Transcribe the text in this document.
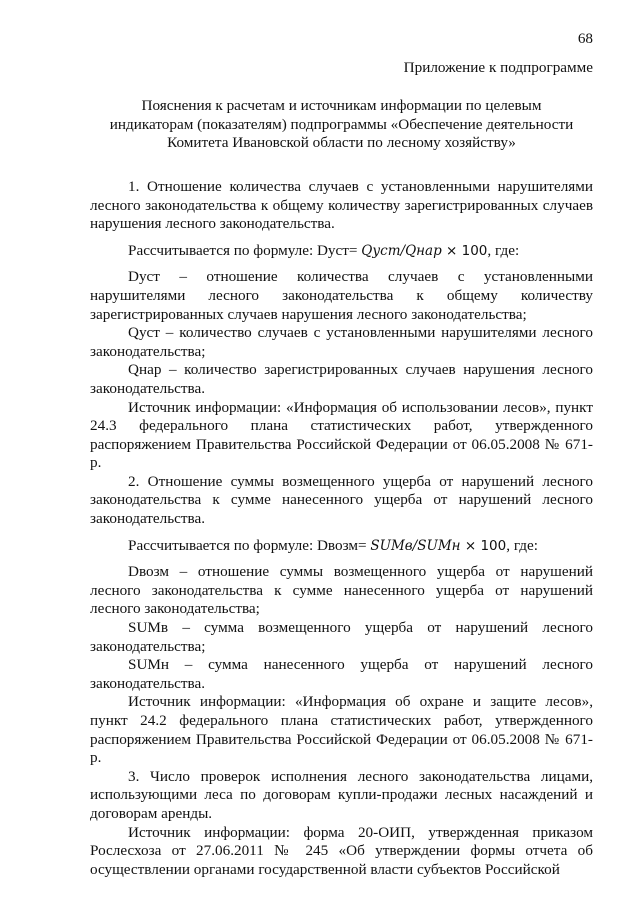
68
Приложение к подпрограмме
Пояснения к расчетам и источникам информации по целевым
индикаторам (показателям) подпрограммы «Обеспечение деятельности
Комитета Ивановской области по лесному хозяйству»

1. Отношение количества случаев с установленными нарушителями лесного законодательства к общему количеству зарегистрированных случаев нарушения лесного законодательства.

Рассчитывается по формуле: Dуст= Qуст/Qнар × 100, где:

Dуст – отношение количества случаев с установленными нарушителями лесного законодательства к общему количеству зарегистрированных случаев нарушения лесного законодательства;

Qуст – количество случаев с установленными нарушителями лесного законодательства;

Qнар – количество зарегистрированных случаев нарушения лесного законодательства.

Источник информации: «Информация об использовании лесов», пункт 24.3 федерального плана статистических работ, утвержденного распоряжением Правительства Российской Федерации от 06.05.2008 № 671-р.

2. Отношение суммы возмещенного ущерба от нарушений лесного законодательства к сумме нанесенного ущерба от нарушений лесного законодательства.

Рассчитывается по формуле: Dвозм= SUMв/SUMн × 100, где:

Dвозм – отношение суммы возмещенного ущерба от нарушений лесного законодательства к сумме нанесенного ущерба от нарушений лесного законодательства;

SUMв – сумма возмещенного ущерба от нарушений лесного законодательства;

SUMн – сумма нанесенного ущерба от нарушений лесного законодательства.

Источник информации: «Информация об охране и защите лесов», пункт 24.2 федерального плана статистических работ, утвержденного распоряжением Правительства Российской Федерации от 06.05.2008 № 671-р.

3. Число проверок исполнения лесного законодательства лицами, использующими леса по договорам купли-продажи лесных насаждений и договорам аренды.

Источник информации: форма 20-ОИП, утвержденная приказом Рослесхоза от 27.06.2011 № 245 «Об утверждении формы отчета об осуществлении органами государственной власти субъектов Российской
